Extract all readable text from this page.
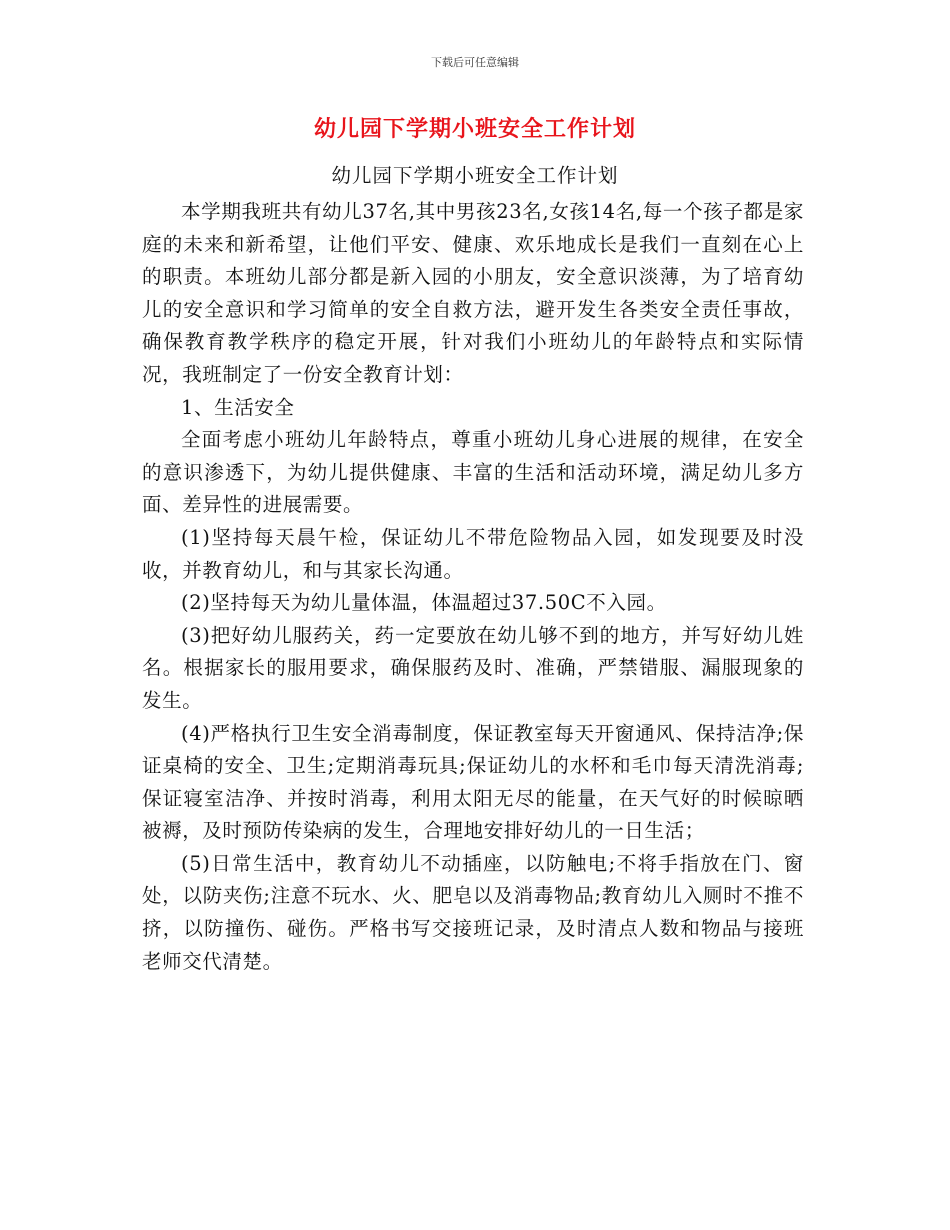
下载后可任意编辑
幼儿园下学期小班安全工作计划
幼儿园下学期小班安全工作计划

本学期我班共有幼儿37名,其中男孩23名,女孩14名,每一个孩子都是家庭的未来和新希望，让他们平安、健康、欢乐地成长是我们一直刻在心上的职责。本班幼儿部分都是新入园的小朋友，安全意识淡薄，为了培育幼儿的安全意识和学习简单的安全自救方法，避开发生各类安全责任事故，确保教育教学秩序的稳定开展，针对我们小班幼儿的年龄特点和实际情况，我班制定了一份安全教育计划：

1、生活安全

全面考虑小班幼儿年龄特点，尊重小班幼儿身心进展的规律，在安全的意识渗透下，为幼儿提供健康、丰富的生活和活动环境，满足幼儿多方面、差异性的进展需要。

(1)坚持每天晨午检，保证幼儿不带危险物品入园，如发现要及时没收，并教育幼儿，和与其家长沟通。

(2)坚持每天为幼儿量体温，体温超过37.50C不入园。

(3)把好幼儿服药关，药一定要放在幼儿够不到的地方，并写好幼儿姓名。根据家长的服用要求，确保服药及时、准确，严禁错服、漏服现象的发生。

(4)严格执行卫生安全消毒制度，保证教室每天开窗通风、保持洁净;保证桌椅的安全、卫生;定期消毒玩具;保证幼儿的水杯和毛巾每天清洗消毒;保证寝室洁净、并按时消毒，利用太阳无尽的能量，在天气好的时候晾晒被褥，及时预防传染病的发生，合理地安排好幼儿的一日生活；

(5)日常生活中，教育幼儿不动插座，以防触电;不将手指放在门、窗处，以防夹伤;注意不玩水、火、肥皂以及消毒物品;教育幼儿入厕时不推不挤，以防撞伤、碰伤。严格书写交接班记录，及时清点人数和物品与接班老师交代清楚。
